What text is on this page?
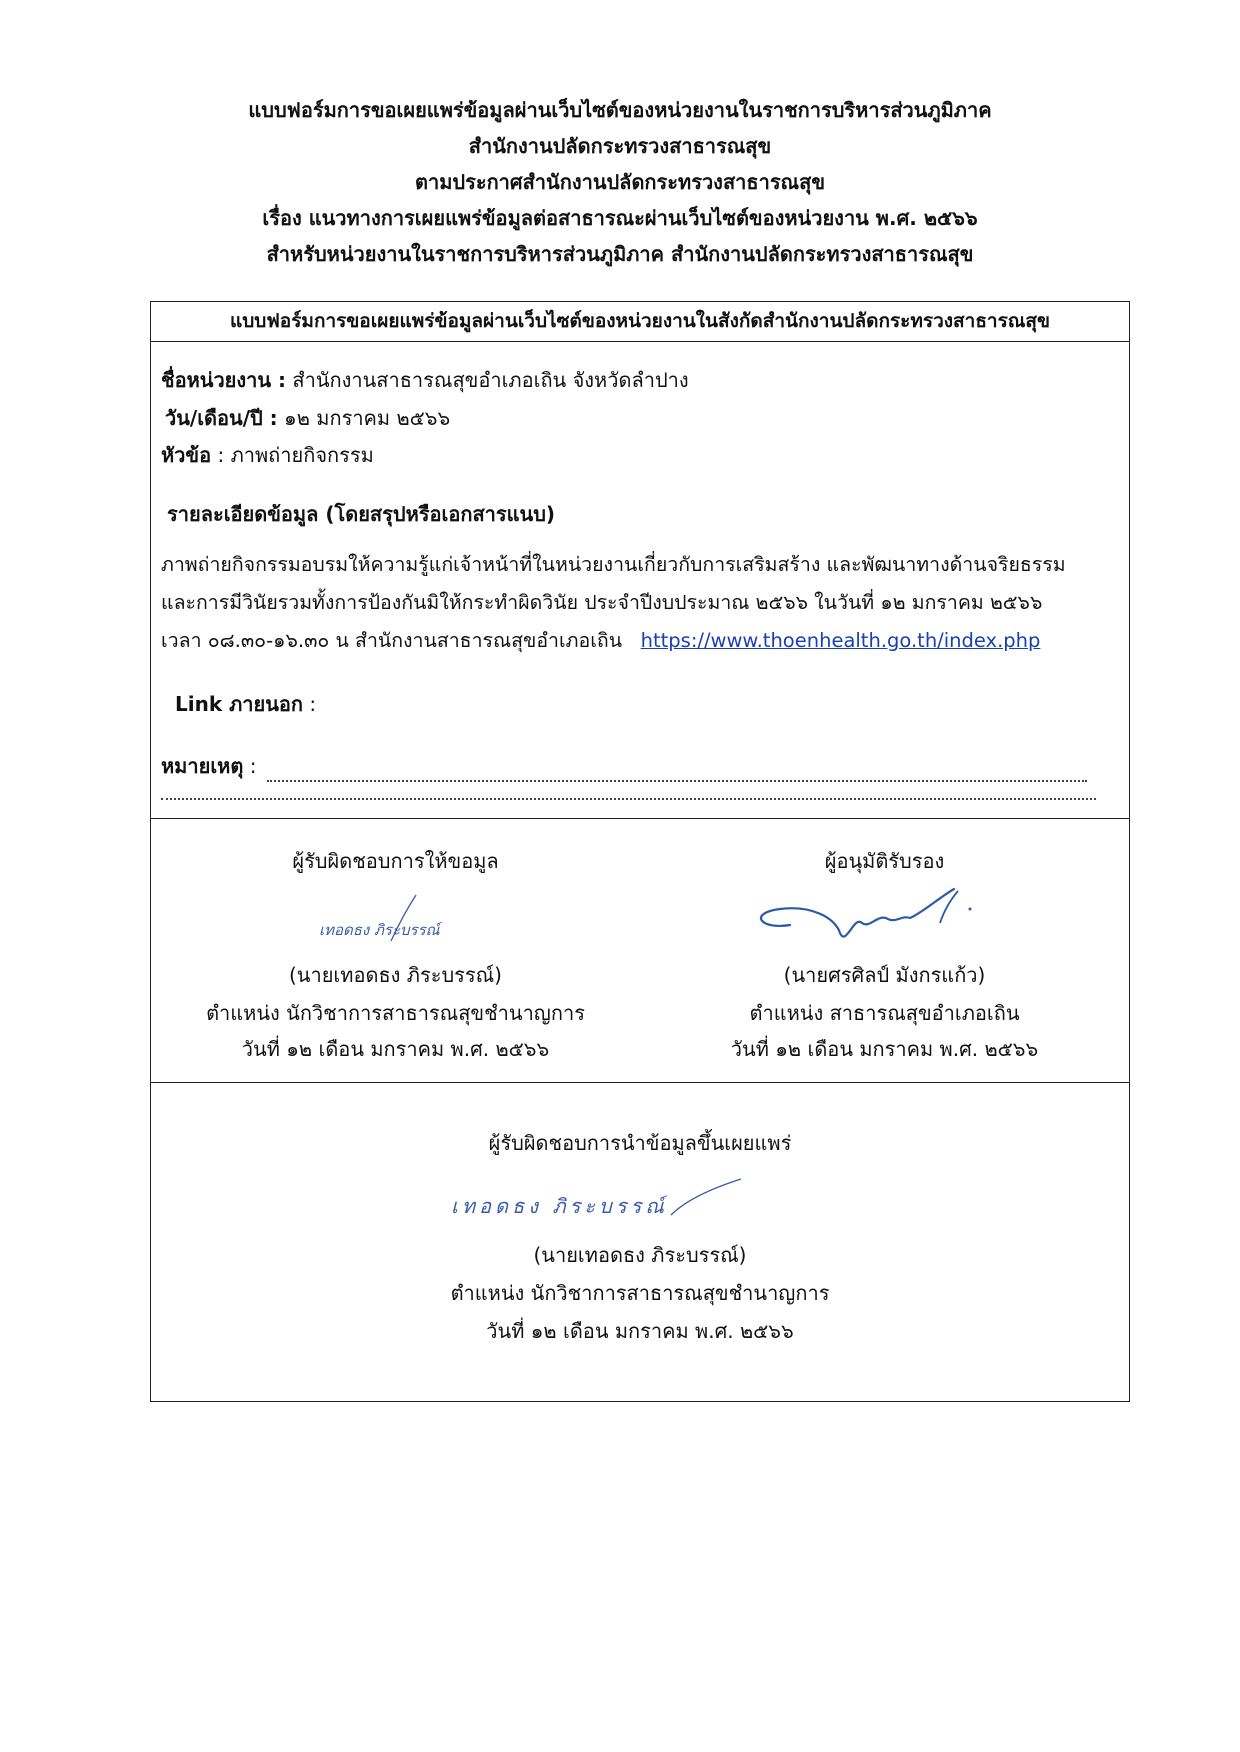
แบบฟอร์มการขอเผยแพร่ข้อมูลผ่านเว็บไซต์ของหน่วยงานในราชการบริหารส่วนภูมิภาค
สำนักงานปลัดกระทรวงสาธารณสุข
ตามประกาศสำนักงานปลัดกระทรวงสาธารณสุข
เรื่อง แนวทางการเผยแพร่ข้อมูลต่อสาธารณะผ่านเว็บไซต์ของหน่วยงาน พ.ศ. ๒๕๖๖
สำหรับหน่วยงานในราชการบริหารส่วนภูมิภาค สำนักงานปลัดกระทรวงสาธารณสุข
แบบฟอร์มการขอเผยแพร่ข้อมูลผ่านเว็บไซต์ของหน่วยงานในสังกัดสำนักงานปลัดกระทรวงสาธารณสุข
ชื่อหน่วยงาน : สำนักงานสาธารณสุขอำเภอเถิน จังหวัดลำปาง
วัน/เดือน/ปี : ๑๒ มกราคม ๒๕๖๖
หัวข้อ : ภาพถ่ายกิจกรรม
รายละเอียดข้อมูล (โดยสรุปหรือเอกสารแนบ)
ภาพถ่ายกิจกรรมอบรมให้ความรู้แก่เจ้าหน้าที่ในหน่วยงานเกี่ยวกับการเสริมสร้าง และพัฒนาทางด้านจริยธรรม
และการมีวินัยรวมทั้งการป้องกันมิให้กระทำผิดวินัย ประจำปีงบประมาณ ๒๕๖๖ ในวันที่ ๑๒ มกราคม ๒๕๖๖
เวลา ๐๘.๓๐-๑๖.๓๐ น สำนักงานสาธารณสุขอำเภอเถิน https://www.thoenhealth.go.th/index.php
Link ภายนอก :
หมายเหตุ :
ผู้รับผิดชอบการให้ขอมูล
เทอดธง ภิระบรรณ์
(นายเทอดธง ภิระบรรณ์)
ตำแหน่ง นักวิชาการสาธารณสุขชำนาญการ
วันที่ ๑๒ เดือน มกราคม พ.ศ. ๒๕๖๖
ผู้อนุมัติรับรอง
(นายศรศิลป์ มังกรแก้ว)
ตำแหน่ง สาธารณสุขอำเภอเถิน
วันที่ ๑๒ เดือน มกราคม พ.ศ. ๒๕๖๖
ผู้รับผิดชอบการนำข้อมูลขึ้นเผยแพร่
เทอดธง ภิระบรรณ์
(นายเทอดธง ภิระบรรณ์)
ตำแหน่ง นักวิชาการสาธารณสุขชำนาญการ
วันที่ ๑๒ เดือน มกราคม พ.ศ. ๒๕๖๖
